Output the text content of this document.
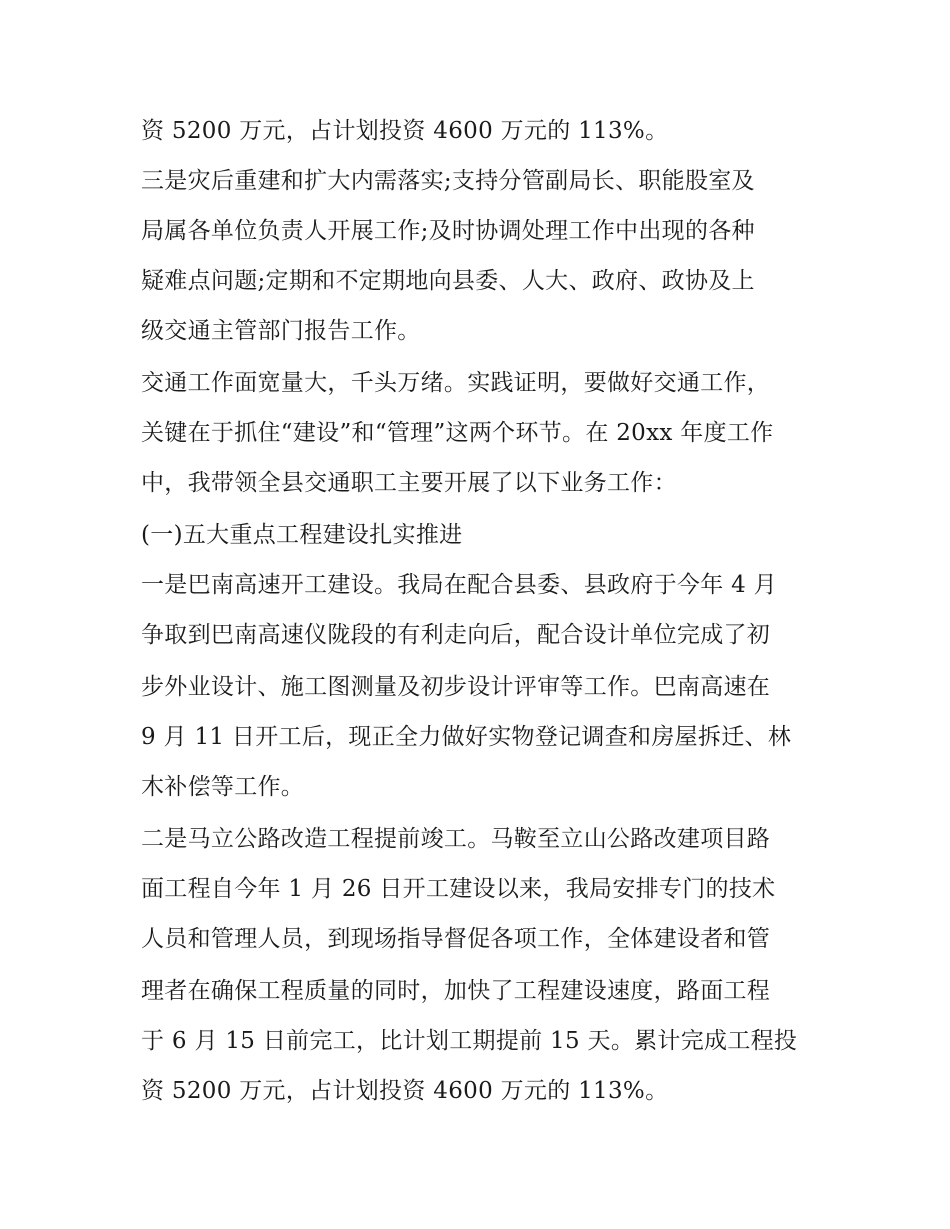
资 5200 万元，占计划投资 4600 万元的 113%。
三是灾后重建和扩大内需落实;支持分管副局长、职能股室及
局属各单位负责人开展工作;及时协调处理工作中出现的各种
疑难点问题;定期和不定期地向县委、人大、政府、政协及上
级交通主管部门报告工作。
交通工作面宽量大，千头万绪。实践证明，要做好交通工作，
关键在于抓住“建设”和“管理”这两个环节。在 20xx 年度工作
中，我带领全县交通职工主要开展了以下业务工作：
(一)五大重点工程建设扎实推进
一是巴南高速开工建设。我局在配合县委、县政府于今年 4 月
争取到巴南高速仪陇段的有利走向后，配合设计单位完成了初
步外业设计、施工图测量及初步设计评审等工作。巴南高速在
9 月 11 日开工后，现正全力做好实物登记调查和房屋拆迁、林
木补偿等工作。
二是马立公路改造工程提前竣工。马鞍至立山公路改建项目路
面工程自今年 1 月 26 日开工建设以来，我局安排专门的技术
人员和管理人员，到现场指导督促各项工作，全体建设者和管
理者在确保工程质量的同时，加快了工程建设速度，路面工程
于 6 月 15 日前完工，比计划工期提前 15 天。累计完成工程投
资 5200 万元，占计划投资 4600 万元的 113%。
